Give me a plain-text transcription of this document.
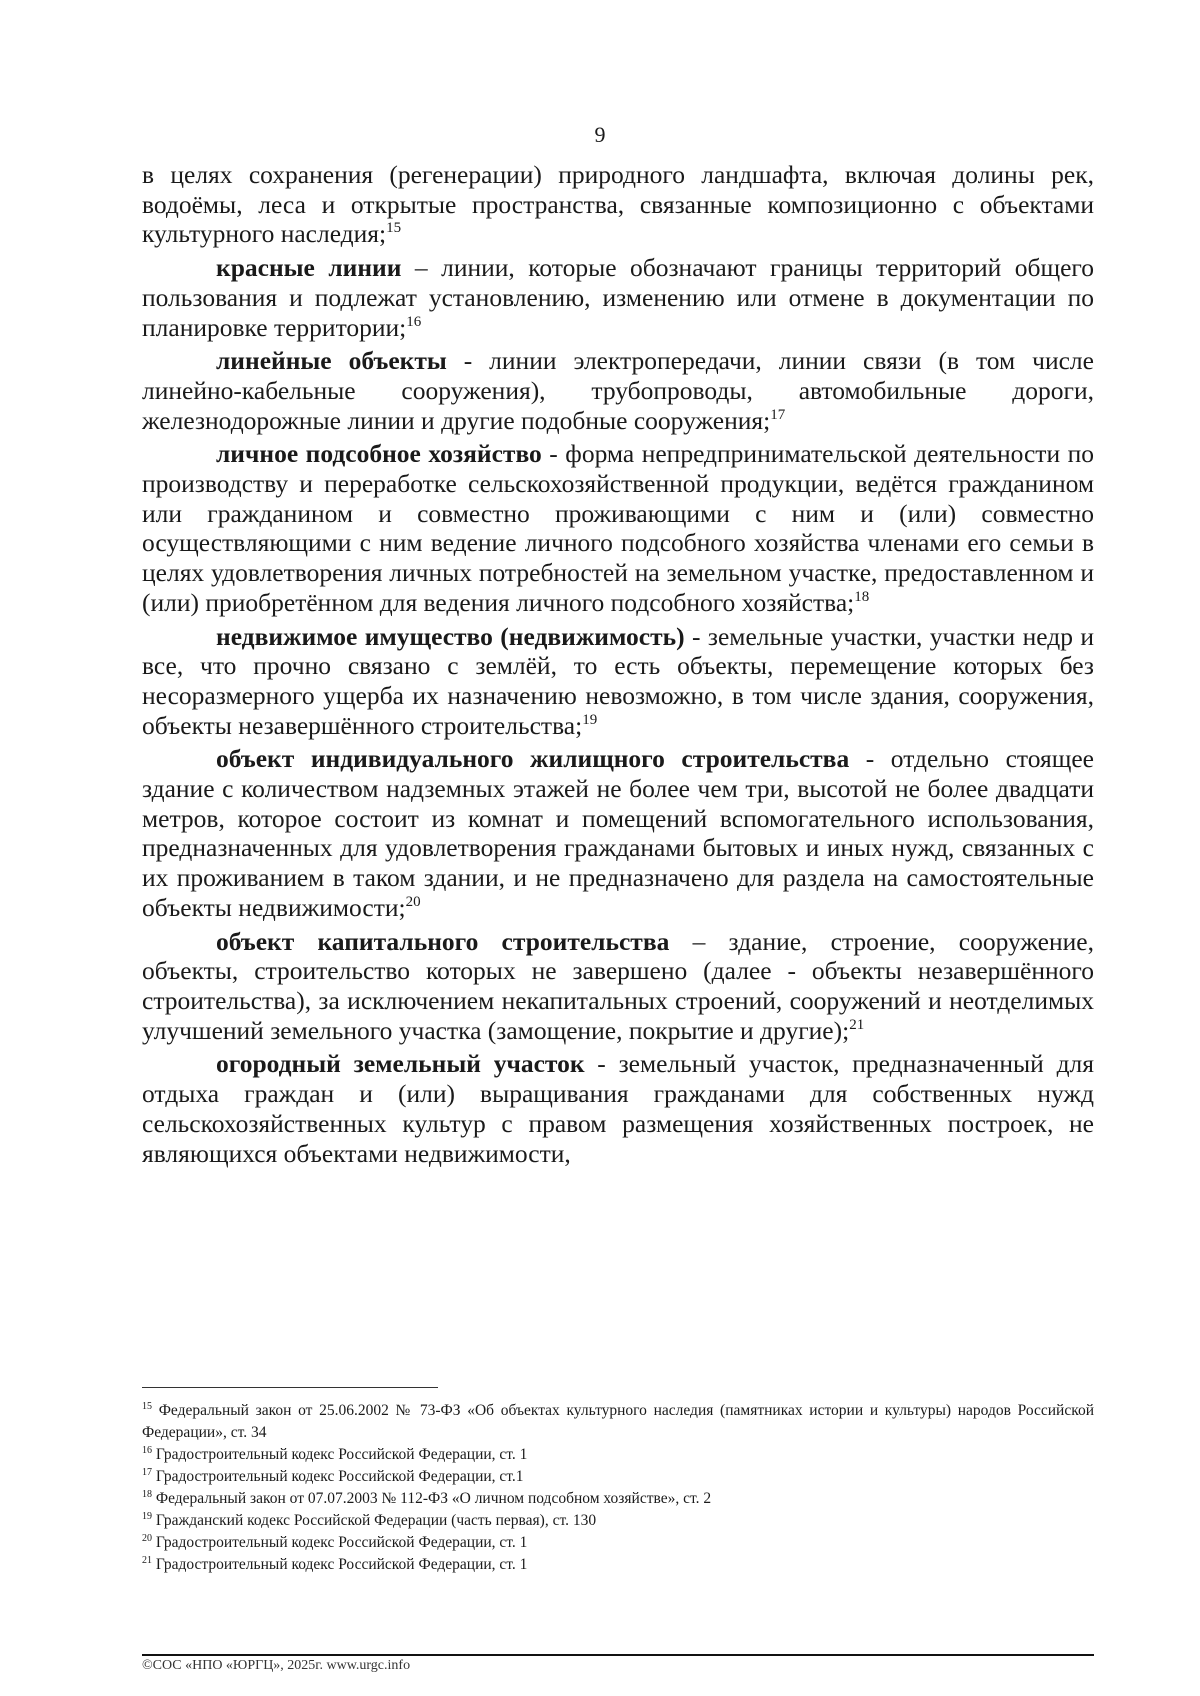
9

в целях сохранения (регенерации) природного ландшафта, включая долины рек, водоёмы, леса и открытые пространства, связанные композиционно с объектами культурного наследия;$^{15}$

красные линии – линии, которые обозначают границы территорий общего пользования и подлежат установлению, изменению или отмене в документации по планировке территории;$^{16}$

линейные объекты - линии электропередачи, линии связи (в том числе линейно-кабельные сооружения), трубопроводы, автомобильные дороги, железнодорожные линии и другие подобные сооружения;$^{17}$

личное подсобное хозяйство - форма непредпринимательской деятельности по производству и переработке сельскохозяйственной продукции, ведётся гражданином или гражданином и совместно проживающими с ним и (или) совместно осуществляющими с ним ведение личного подсобного хозяйства членами его семьи в целях удовлетворения личных потребностей на земельном участке, предоставленном и (или) приобретённом для ведения личного подсобного хозяйства;$^{18}$

недвижимое имущество (недвижимость) - земельные участки, участки недр и все, что прочно связано с землёй, то есть объекты, перемещение которых без несоразмерного ущерба их назначению невозможно, в том числе здания, сооружения, объекты незавершённого строительства;$^{19}$

объект индивидуального жилищного строительства - отдельно стоящее здание с количеством надземных этажей не более чем три, высотой не более двадцати метров, которое состоит из комнат и помещений вспомогательного использования, предназначенных для удовлетворения гражданами бытовых и иных нужд, связанных с их проживанием в таком здании, и не предназначено для раздела на самостоятельные объекты недвижимости;$^{20}$

объект капитального строительства – здание, строение, сооружение, объекты, строительство которых не завершено (далее - объекты незавершённого строительства), за исключением некапитальных строений, сооружений и неотделимых улучшений земельного участка (замощение, покрытие и другие);$^{21}$

огородный земельный участок - земельный участок, предназначенный для отдыха граждан и (или) выращивания гражданами для собственных нужд сельскохозяйственных культур с правом размещения хозяйственных построек, не являющихся объектами недвижимости,

$^{15}$ Федеральный закон от 25.06.2002 № 73-ФЗ «Об объектах культурного наследия (памятниках истории и культуры) народов Российской Федерации», ст. 34

$^{16}$ Градостроительный кодекс Российской Федерации, ст. 1

$^{17}$ Градостроительный кодекс Российской Федерации, ст.1

$^{18}$ Федеральный закон от 07.07.2003 № 112-ФЗ «О личном подсобном хозяйстве», ст. 2

$^{19}$ Гражданский кодекс Российской Федерации (часть первая), ст. 130

$^{20}$ Градостроительный кодекс Российской Федерации, ст. 1

$^{21}$ Градостроительный кодекс Российской Федерации, ст. 1

©СОС «НПО «ЮРГЦ», 2025г. www.urgc.info
